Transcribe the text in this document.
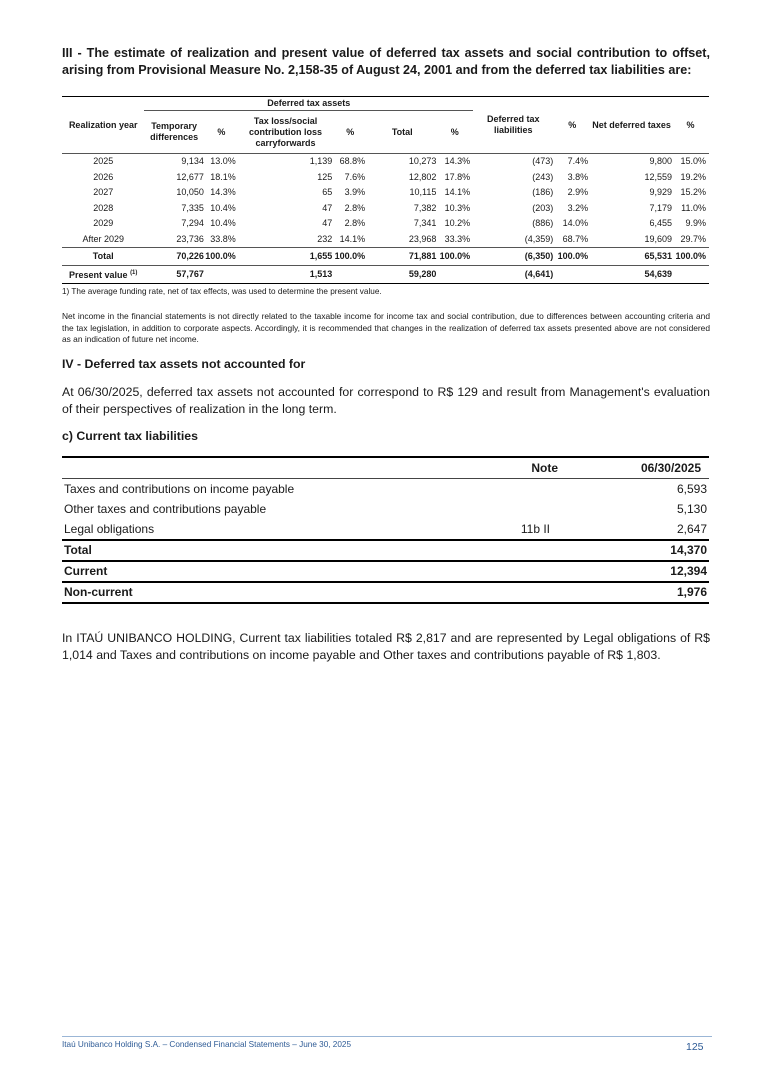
III - The estimate of realization and present value of deferred tax assets and social contribution to offset, arising from Provisional Measure No. 2,158-35 of August 24, 2001 and from the deferred tax liabilities are:
Realization year	Deferred tax assets						Deferred tax liabilities	%	Net deferred taxes	%
	Temporary differences	%	Tax loss/social contribution loss carryforwards	%	Total	%				
2025	9,134	13.0%	1,139	68.8%	10,273	14.3%	(473)	7.4%	9,800	15.0%
2026	12,677	18.1%	125	7.6%	12,802	17.8%	(243)	3.8%	12,559	19.2%
2027	10,050	14.3%	65	3.9%	10,115	14.1%	(186)	2.9%	9,929	15.2%
2028	7,335	10.4%	47	2.8%	7,382	10.3%	(203)	3.2%	7,179	11.0%
2029	7,294	10.4%	47	2.8%	7,341	10.2%	(886)	14.0%	6,455	9.9%
After 2029	23,736	33.8%	232	14.1%	23,968	33.3%	(4,359)	68.7%	19,609	29.7%
Total	70,226	100.0%	1,655	100.0%	71,881	100.0%	(6,350)	100.0%	65,531	100.0%
Present value $^{(1)}$	57,767		1,513		59,280		(4,641)		54,639	
1) The average funding rate, net of tax effects, was used to determine the present value.
Net income in the financial statements is not directly related to the taxable income for income tax and social contribution, due to differences between accounting criteria and the tax legislation, in addition to corporate aspects. Accordingly, it is recommended that changes in the realization of deferred tax assets presented above are not considered as an indication of future net income.
IV - Deferred tax assets not accounted for
At 06/30/2025, deferred tax assets not accounted for correspond to R$ 129 and result from Management's evaluation of their perspectives of realization in the long term.
c) Current tax liabilities
	Note	06/30/2025
Taxes and contributions on income payable		6,593
Other taxes and contributions payable		5,130
Legal obligations	11b II	2,647
Total		14,370
Current		12,394
Non-current		1,976
In ITAÚ UNIBANCO HOLDING, Current tax liabilities totaled R$ 2,817 and are represented by Legal obligations of R$ 1,014 and Taxes and contributions on income payable and Other taxes and contributions payable of R$ 1,803.
Itaú Unibanco Holding S.A. – Condensed Financial Statements – June 30, 2025	125
